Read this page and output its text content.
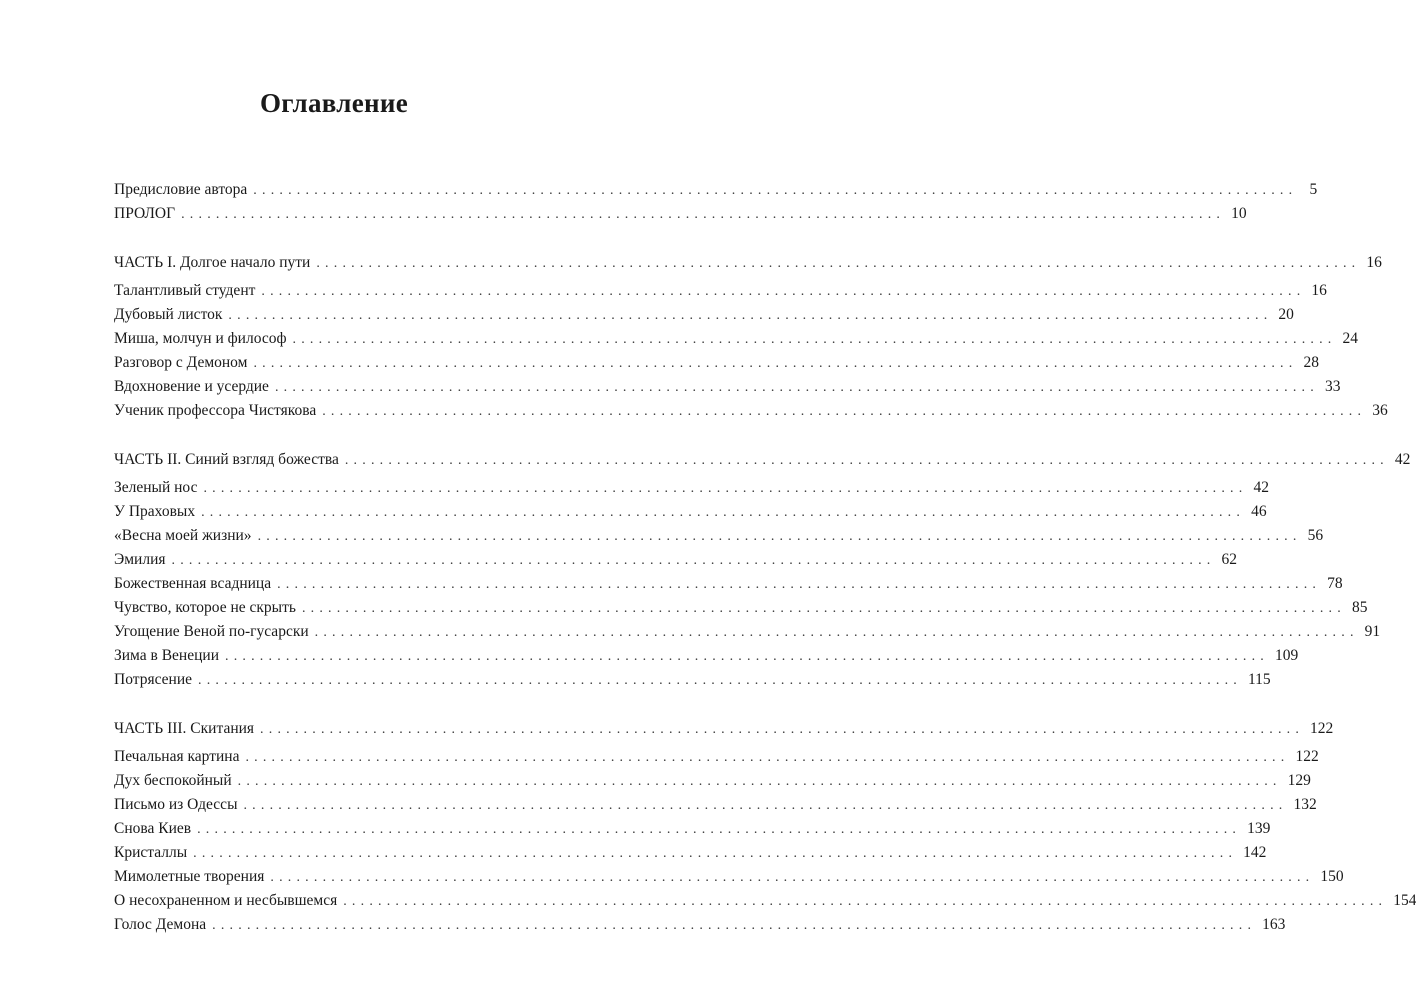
Оглавление
Предисловие автора ........................................................................................................................ 5
ПРОЛОГ ........................................................................................................................ 10
ЧАСТЬ I. Долгое начало пути ........................................................................................................................ 16
Талантливый студент ........................................................................................................................ 16
Дубовый листок ........................................................................................................................ 20
Миша, молчун и философ ........................................................................................................................ 24
Разговор с Демоном ........................................................................................................................ 28
Вдохновение и усердие ........................................................................................................................ 33
Ученик профессора Чистякова ........................................................................................................................ 36
ЧАСТЬ II. Синий взгляд божества ........................................................................................................................ 42
Зеленый нос ........................................................................................................................ 42
У Праховых ........................................................................................................................ 46
«Весна моей жизни» ........................................................................................................................ 56
Эмилия ........................................................................................................................ 62
Божественная всадница ........................................................................................................................ 78
Чувство, которое не скрыть ........................................................................................................................ 85
Угощение Веной по-гусарски ........................................................................................................................ 91
Зима в Венеции ........................................................................................................................ 109
Потрясение ........................................................................................................................ 115
ЧАСТЬ III. Скитания ........................................................................................................................ 122
Печальная картина ........................................................................................................................ 122
Дух беспокойный ........................................................................................................................ 129
Письмо из Одессы ........................................................................................................................ 132
Снова Киев ........................................................................................................................ 139
Кристаллы ........................................................................................................................ 142
Мимолетные творения ........................................................................................................................ 150
О несохраненном и несбывшемся ........................................................................................................................ 154
Голос Демона ........................................................................................................................ 163
